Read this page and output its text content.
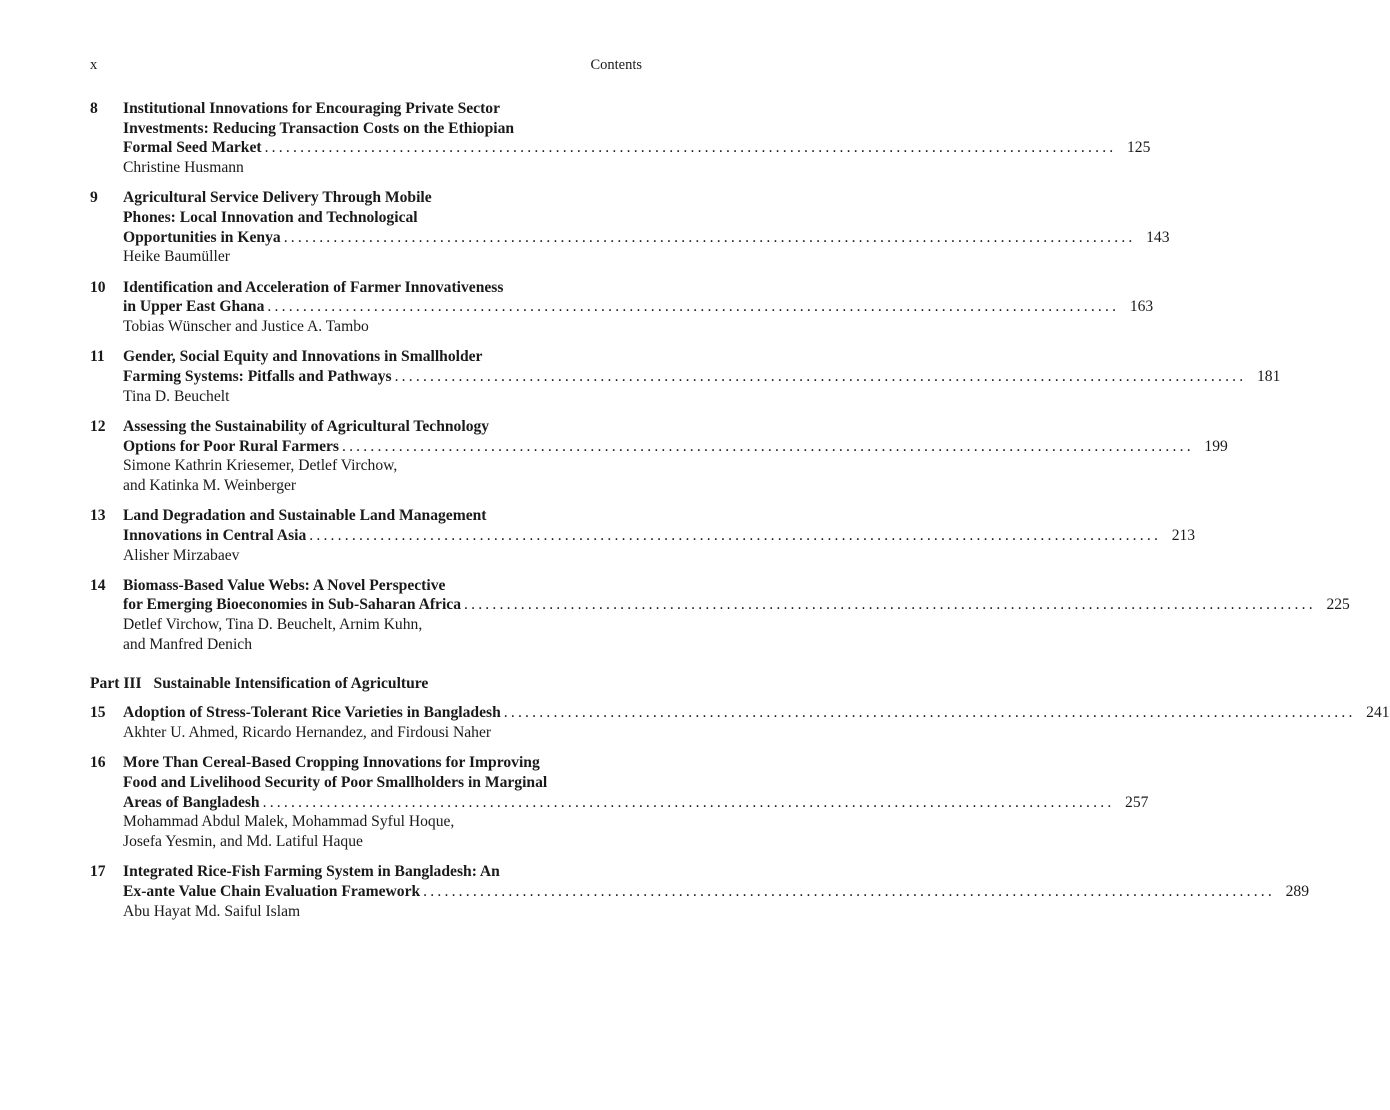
x	Contents
8	Institutional Innovations for Encouraging Private Sector
Investments: Reducing Transaction Costs on the Ethiopian
Formal Seed Market ........................................................................................................................ 125
Christine Husmann
9	Agricultural Service Delivery Through Mobile
Phones: Local Innovation and Technological
Opportunities in Kenya ........................................................................................................................ 143
Heike Baumüller
10	Identification and Acceleration of Farmer Innovativeness
in Upper East Ghana ........................................................................................................................ 163
Tobias Wünscher and Justice A. Tambo
11	Gender, Social Equity and Innovations in Smallholder
Farming Systems: Pitfalls and Pathways ........................................................................................................................ 181
Tina D. Beuchelt
12	Assessing the Sustainability of Agricultural Technology
Options for Poor Rural Farmers ........................................................................................................................ 199
Simone Kathrin Kriesemer, Detlef Virchow,
and Katinka M. Weinberger
13	Land Degradation and Sustainable Land Management
Innovations in Central Asia ........................................................................................................................ 213
Alisher Mirzabaev
14	Biomass-Based Value Webs: A Novel Perspective
for Emerging Bioeconomies in Sub-Saharan Africa ........................................................................................................................ 225
Detlef Virchow, Tina D. Beuchelt, Arnim Kuhn,
and Manfred Denich
Part III Sustainable Intensification of Agriculture
15	Adoption of Stress-Tolerant Rice Varieties in Bangladesh ........................................................................................................................ 241
Akhter U. Ahmed, Ricardo Hernandez, and Firdousi Naher
16	More Than Cereal-Based Cropping Innovations for Improving
Food and Livelihood Security of Poor Smallholders in Marginal
Areas of Bangladesh ........................................................................................................................ 257
Mohammad Abdul Malek, Mohammad Syful Hoque,
Josefa Yesmin, and Md. Latiful Haque
17	Integrated Rice-Fish Farming System in Bangladesh: An
Ex-ante Value Chain Evaluation Framework ........................................................................................................................ 289
Abu Hayat Md. Saiful Islam
